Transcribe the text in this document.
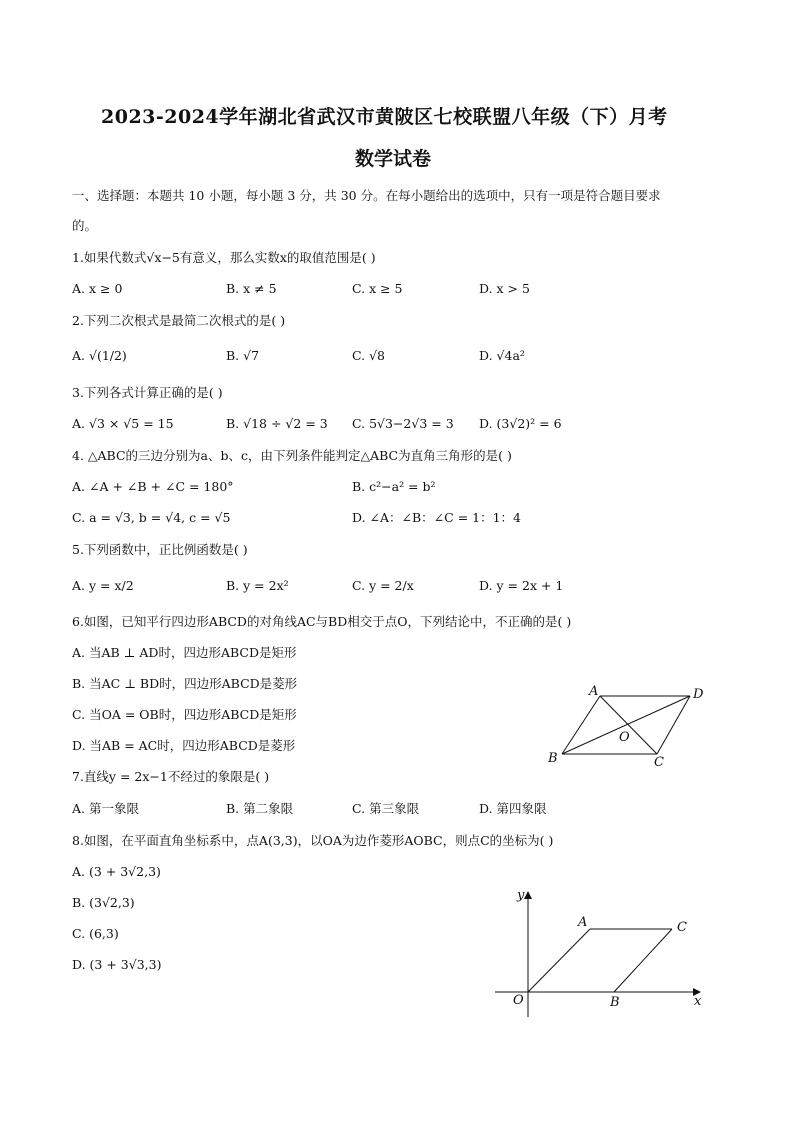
2023-2024学年湖北省武汉市黄陂区七校联盟八年级（下）月考
数学试卷
一、选择题：本题共 10 小题，每小题 3 分，共 30 分。在每小题给出的选项中，只有一项是符合题目要求
的。
1.如果代数式√x−5有意义，那么实数x的取值范围是( )
A. x ≥ 0	B. x ≠ 5	C. x ≥ 5	D. x > 5
2.下列二次根式是最简二次根式的是( )
A. √(1/2)	B. √7	C. √8	D. √4a²
3.下列各式计算正确的是( )
A. √3 × √5 = 15	B. √18 ÷ √2 = 3 C. 5√3−2√3 = 3 D. (3√2)² = 6
4. △ABC的三边分别为a、b、c，由下列条件能判定△ABC为直角三角形的是( )
A. ∠A + ∠B + ∠C = 180°	B. c²−a² = b²
C. a = √3, b = √4, c = √5	D. ∠A：∠B：∠C = 1：1：4
5.下列函数中，正比例函数是( )
A. y = x/2	B. y = 2x²	C. y = 2/x	D. y = 2x + 1
6.如图，已知平行四边形ABCD的对角线AC与BD相交于点O，下列结论中，不正确的是( )
A. 当AB ⊥ AD时，四边形ABCD是矩形
B. 当AC ⊥ BD时，四边形ABCD是菱形
C. 当OA = OB时，四边形ABCD是矩形
D. 当AB = AC时，四边形ABCD是菱形
A	D
O
B	C
7.直线y = 2x−1不经过的象限是( )
A. 第一象限	B. 第二象限	C. 第三象限	D. 第四象限
8.如图，在平面直角坐标系中，点A(3,3)，以OA为边作菱形AOBC，则点C的坐标为( )
A. (3 + 3√2,3)
B. (3√2,3)
C. (6,3)
D. (3 + 3√3,3)
y
A	C
O	B	x
